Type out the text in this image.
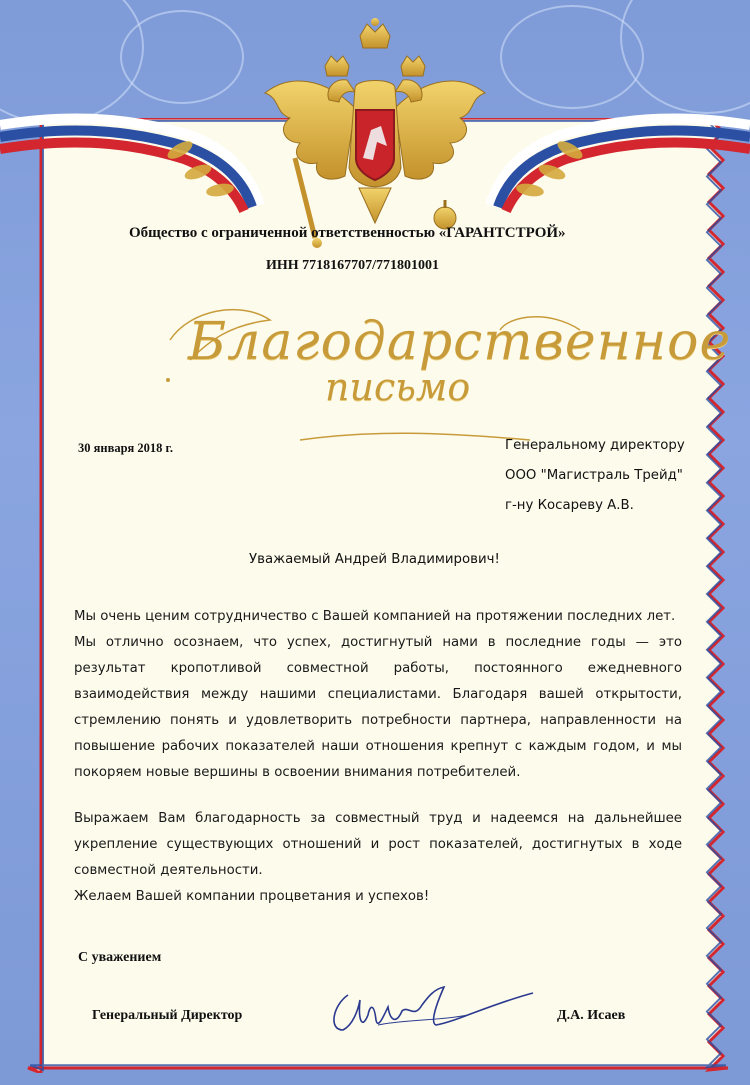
Общество с ограниченной ответственностью «ГАРАНТСТРОЙ»
ИНН 7718167707/771801001
Благодарственное
письмо
30 января 2018 г.	Генеральному директору
ООО "Магистраль Трейд"
г-ну Косареву А.В.
Уважаемый Андрей Владимирович!
Мы очень ценим сотрудничество с Вашей компанией на протяжении последних лет.
Мы отлично осознаем, что успех, достигнутый нами в последние годы — это результат кропотливой совместной работы, постоянного ежедневного взаимодействия между нашими специалистами. Благодаря вашей открытости, стремлению понять и удовлетворить потребности партнера, направленности на повышение рабочих показателей наши отношения крепнут с каждым годом, и мы покоряем новые вершины в освоении внимания потребителей.
Выражаем Вам благодарность за совместный труд и надеемся на дальнейшее укрепление существующих отношений и рост показателей, достигнутых в ходе совместной деятельности.
Желаем Вашей компании процветания и успехов!
С уважением
Генеральный Директор	Д.А. Исаев
